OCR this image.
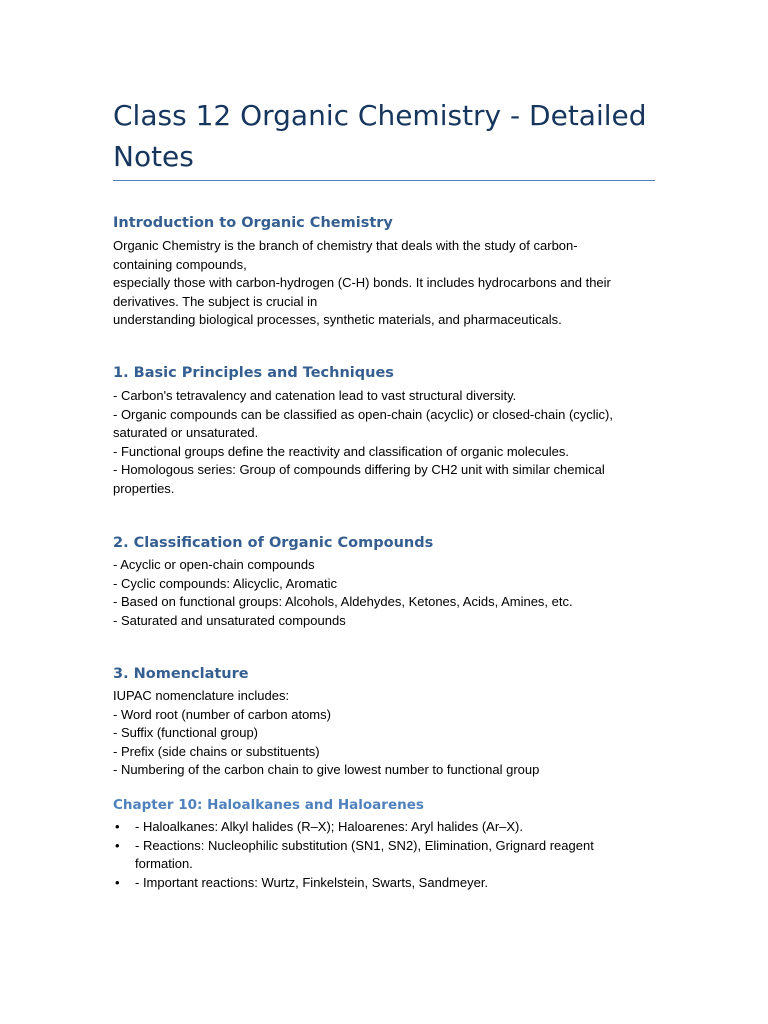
Class 12 Organic Chemistry - Detailed Notes
Introduction to Organic Chemistry
Organic Chemistry is the branch of chemistry that deals with the study of carbon-
containing compounds,
especially those with carbon-hydrogen (C-H) bonds. It includes hydrocarbons and their
derivatives. The subject is crucial in
understanding biological processes, synthetic materials, and pharmaceuticals.
1. Basic Principles and Techniques
- Carbon's tetravalency and catenation lead to vast structural diversity.
- Organic compounds can be classified as open-chain (acyclic) or closed-chain (cyclic),
saturated or unsaturated.
- Functional groups define the reactivity and classification of organic molecules.
- Homologous series: Group of compounds differing by CH2 unit with similar chemical
properties.
2. Classification of Organic Compounds
- Acyclic or open-chain compounds
- Cyclic compounds: Alicyclic, Aromatic
- Based on functional groups: Alcohols, Aldehydes, Ketones, Acids, Amines, etc.
- Saturated and unsaturated compounds
3. Nomenclature
IUPAC nomenclature includes:
- Word root (number of carbon atoms)
- Suffix (functional group)
- Prefix (side chains or substituents)
- Numbering of the carbon chain to give lowest number to functional group
Chapter 10: Haloalkanes and Haloarenes
• - Haloalkanes: Alkyl halides (R–X); Haloarenes: Aryl halides (Ar–X).
• - Reactions: Nucleophilic substitution (SN1, SN2), Elimination, Grignard reagent
formation.
• - Important reactions: Wurtz, Finkelstein, Swarts, Sandmeyer.
